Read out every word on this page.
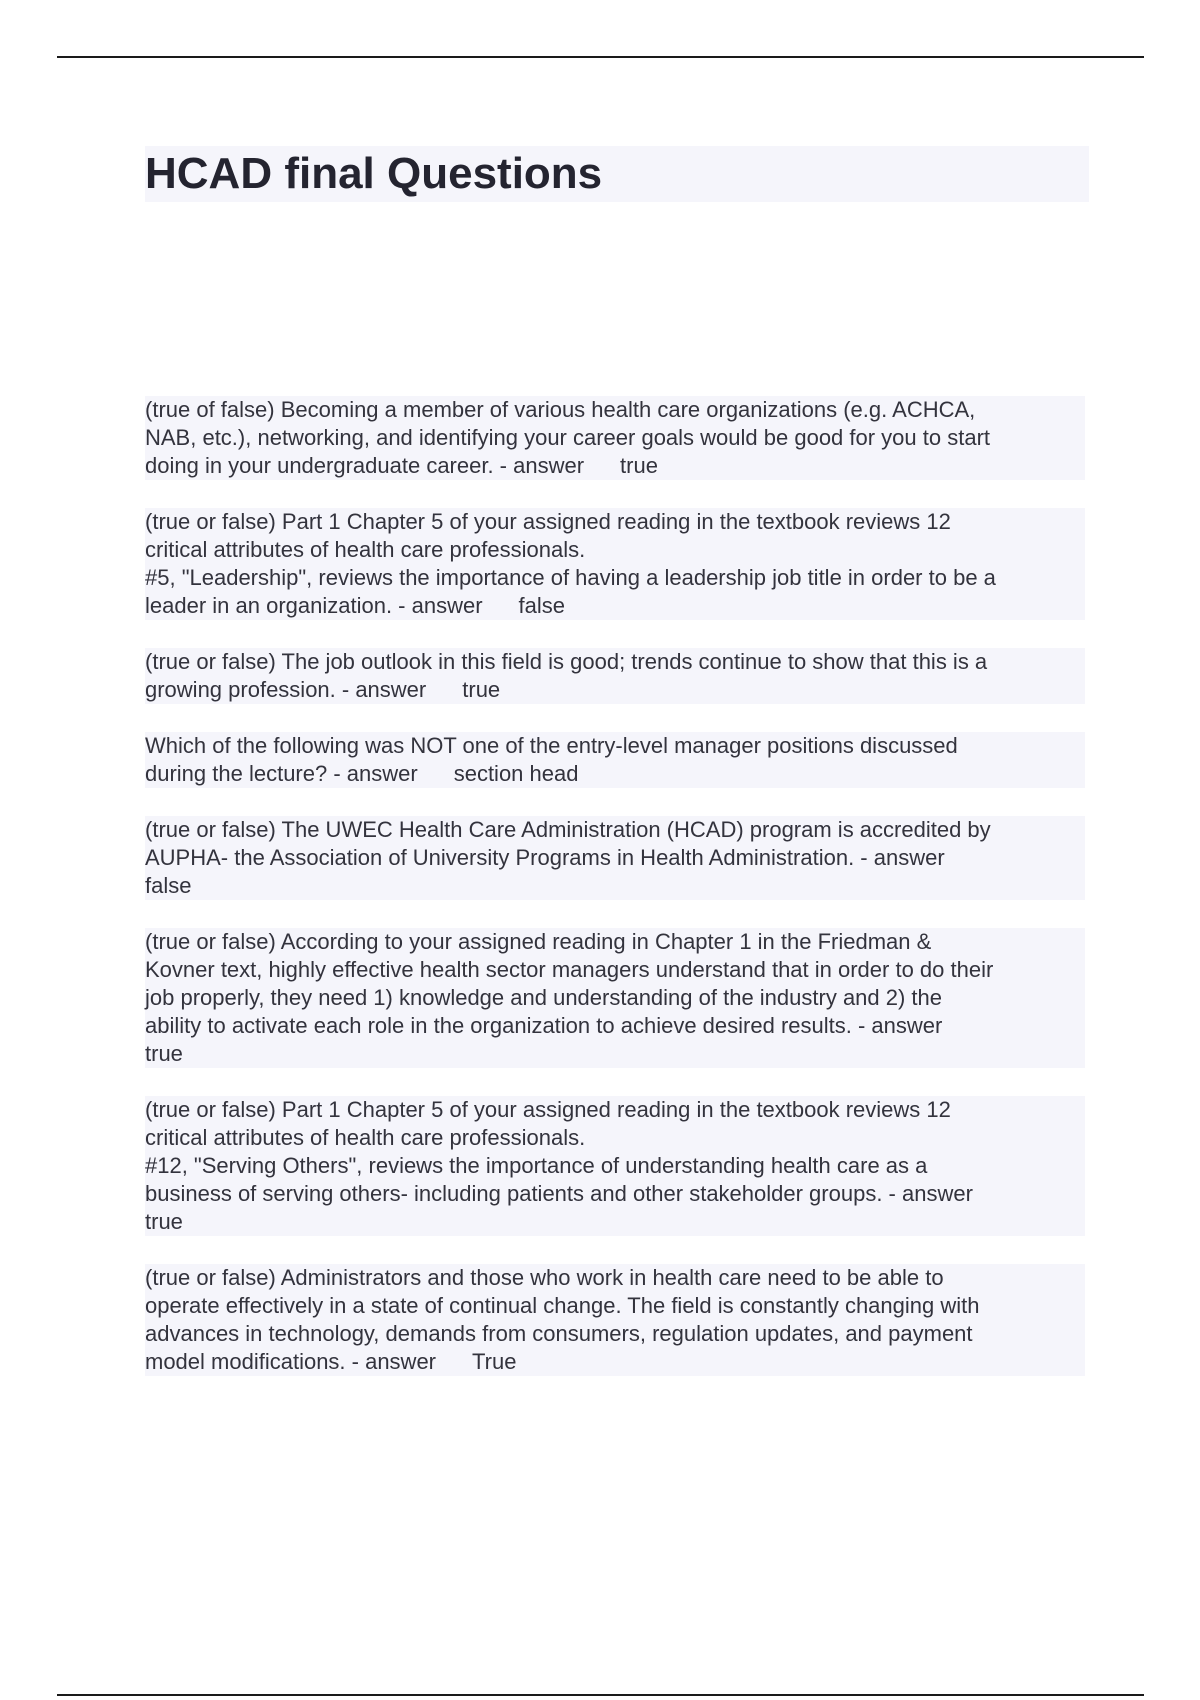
HCAD final Questions
(true of false) Becoming a member of various health care organizations (e.g. ACHCA,
NAB, etc.), networking, and identifying your career goals would be good for you to start
doing in your undergraduate career. - answer true
(true or false) Part 1 Chapter 5 of your assigned reading in the textbook reviews 12
critical attributes of health care professionals.
#5, "Leadership", reviews the importance of having a leadership job title in order to be a
leader in an organization. - answer false
(true or false) The job outlook in this field is good; trends continue to show that this is a
growing profession. - answer true
Which of the following was NOT one of the entry-level manager positions discussed
during the lecture? - answer section head
(true or false) The UWEC Health Care Administration (HCAD) program is accredited by
AUPHA- the Association of University Programs in Health Administration. - answer
false
(true or false) According to your assigned reading in Chapter 1 in the Friedman &
Kovner text, highly effective health sector managers understand that in order to do their
job properly, they need 1) knowledge and understanding of the industry and 2) the
ability to activate each role in the organization to achieve desired results. - answer
true
(true or false) Part 1 Chapter 5 of your assigned reading in the textbook reviews 12
critical attributes of health care professionals.
#12, "Serving Others", reviews the importance of understanding health care as a
business of serving others- including patients and other stakeholder groups. - answer
true
(true or false) Administrators and those who work in health care need to be able to
operate effectively in a state of continual change. The field is constantly changing with
advances in technology, demands from consumers, regulation updates, and payment
model modifications. - answer True
